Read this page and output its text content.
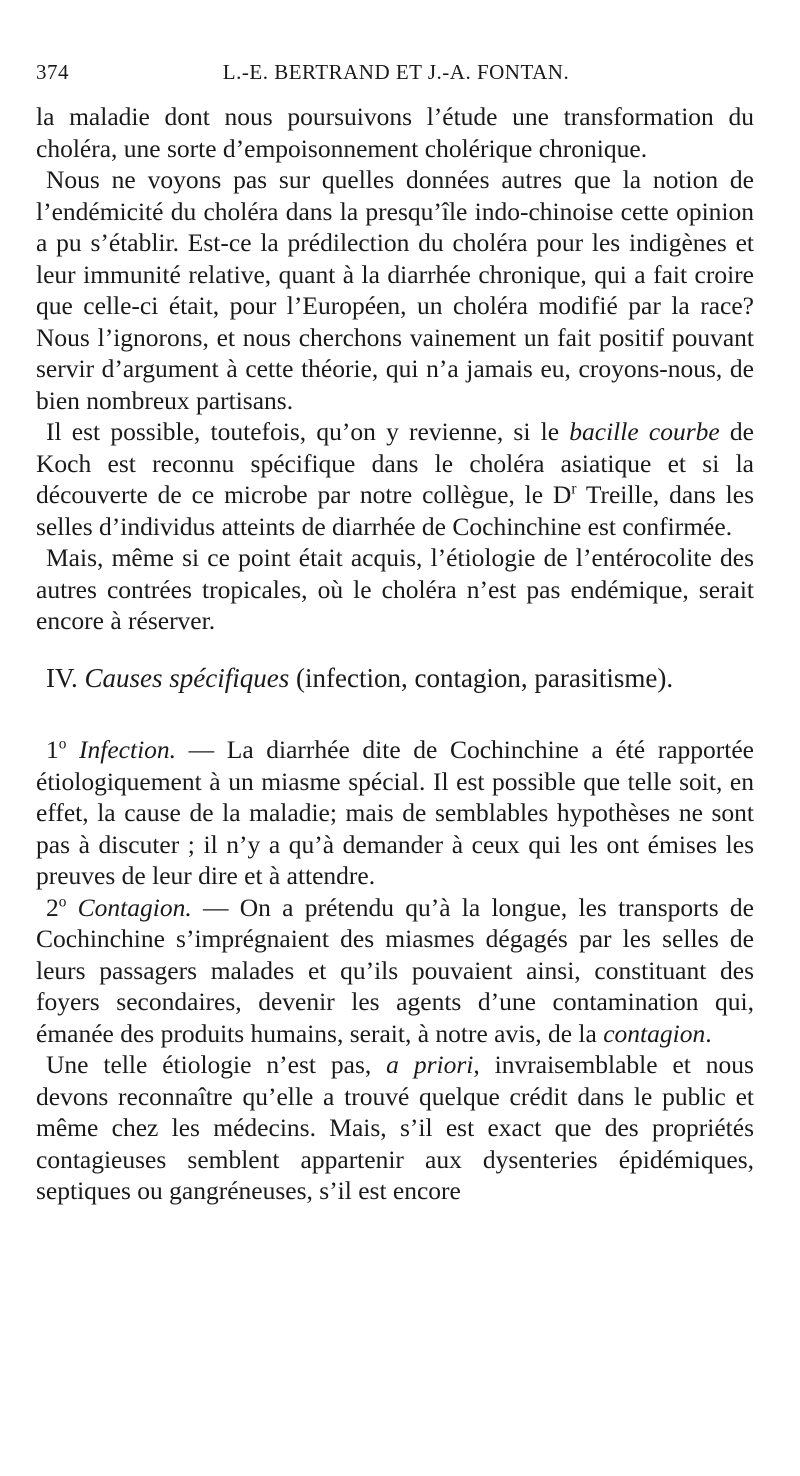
374	L.-E. BERTRAND ET J.-A. FONTAN.

la maladie dont nous poursuivons l’étude une transformation du choléra, une sorte d’empoisonnement cholérique chronique.

Nous ne voyons pas sur quelles données autres que la notion de l’endémicité du choléra dans la presqu’île indo-chinoise cette opinion a pu s’établir. Est-ce la prédilection du choléra pour les indigènes et leur immunité relative, quant à la diarrhée chronique, qui a fait croire que celle-ci était, pour l’Européen, un choléra modifié par la race? Nous l’ignorons, et nous cherchons vainement un fait positif pouvant servir d’argument à cette théorie, qui n’a jamais eu, croyons-nous, de bien nombreux partisans.

Il est possible, toutefois, qu’on y revienne, si le bacille courbe de Koch est reconnu spécifique dans le choléra asiatique et si la découverte de ce microbe par notre collègue, le $D^r$ Treille, dans les selles d’individus atteints de diarrhée de Cochinchine est confirmée.

Mais, même si ce point était acquis, l’étiologie de l’entérocolite des autres contrées tropicales, où le choléra n’est pas endémique, serait encore à réserver.

IV. Causes spécifiques (infection, contagion, parasitisme).

1$^o$ Infection. — La diarrhée dite de Cochinchine a été rapportée étiologiquement à un miasme spécial. Il est possible que telle soit, en effet, la cause de la maladie; mais de semblables hypothèses ne sont pas à discuter ; il n’y a qu’à demander à ceux qui les ont émises les preuves de leur dire et à attendre.

2$^o$ Contagion. — On a prétendu qu’à la longue, les transports de Cochinchine s’imprégnaient des miasmes dégagés par les selles de leurs passagers malades et qu’ils pouvaient ainsi, constituant des foyers secondaires, devenir les agents d’une contamination qui, émanée des produits humains, serait, à notre avis, de la contagion.

Une telle étiologie n’est pas, a priori, invraisemblable et nous devons reconnaître qu’elle a trouvé quelque crédit dans le public et même chez les médecins. Mais, s’il est exact que des propriétés contagieuses semblent appartenir aux dysenteries épidémiques, septiques ou gangréneuses, s’il est encore
